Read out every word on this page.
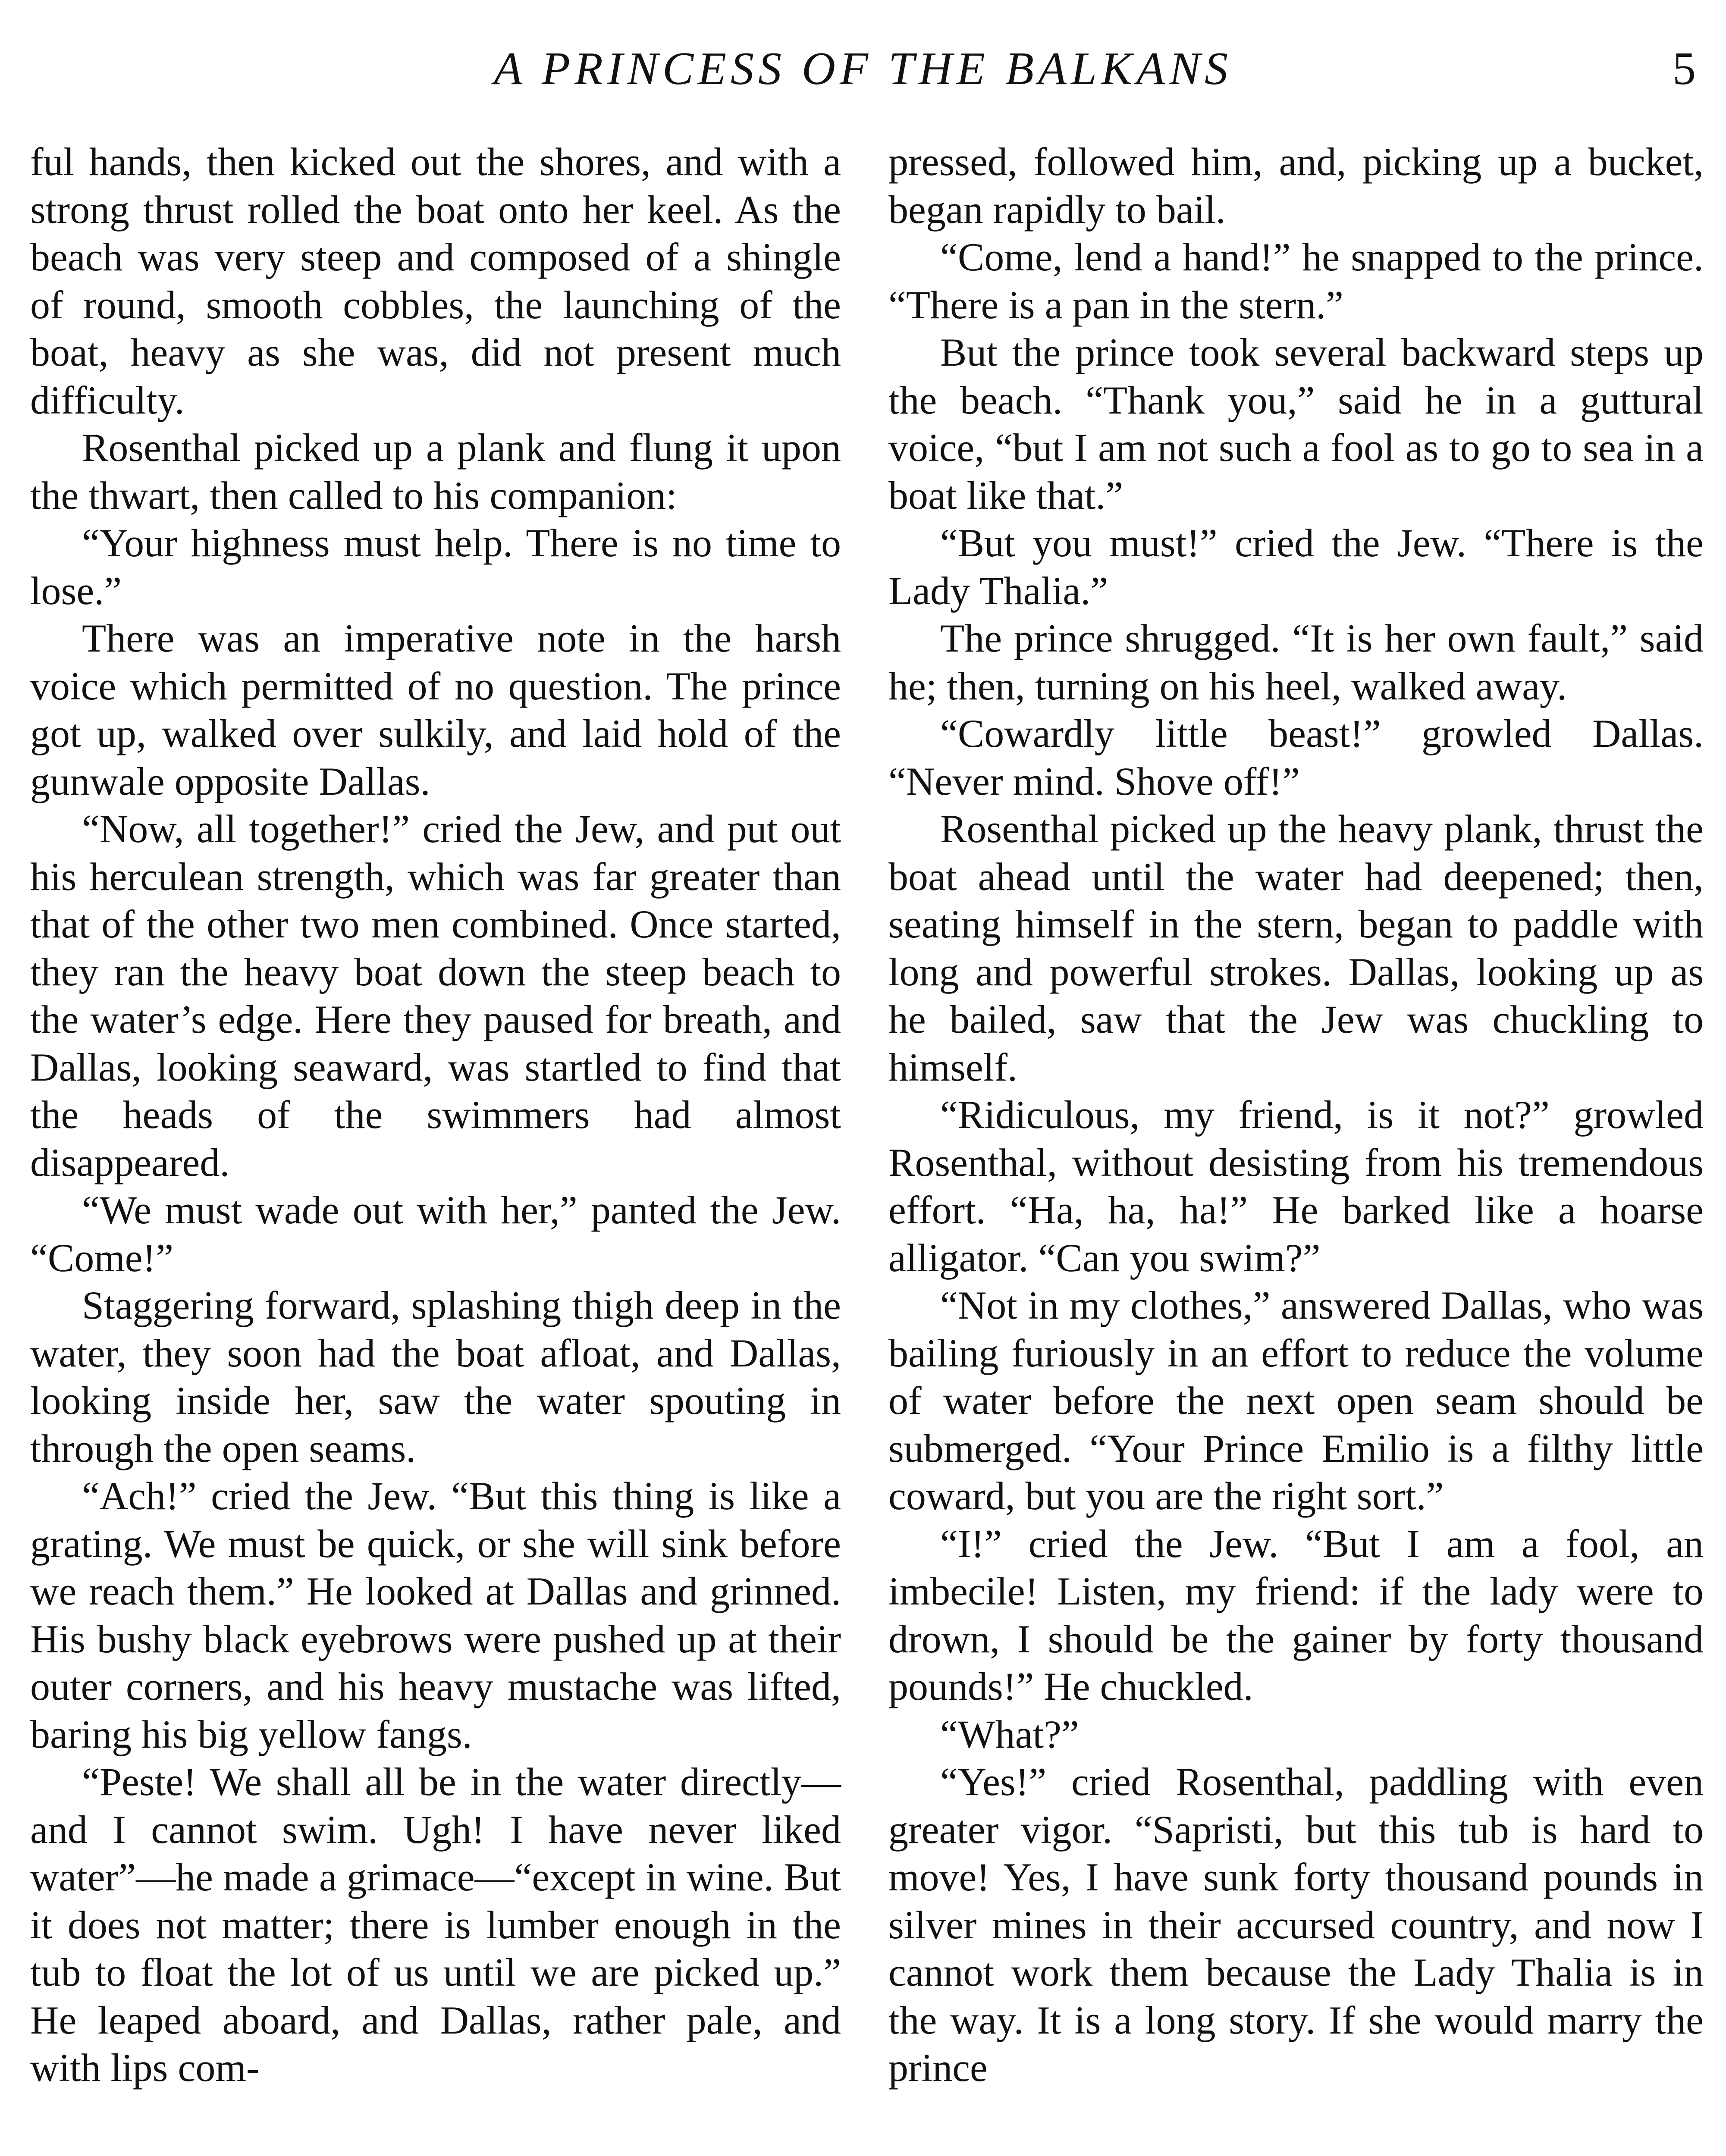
A PRINCESS OF THE BALKANS	5

ful hands, then kicked out the shores, and with a strong thrust rolled the boat onto her keel. As the beach was very steep and composed of a shingle of round, smooth cobbles, the launching of the boat, heavy as she was, did not present much difficulty.

Rosenthal picked up a plank and flung it upon the thwart, then called to his companion:

“Your highness must help. There is no time to lose.”

There was an imperative note in the harsh voice which permitted of no question. The prince got up, walked over sulkily, and laid hold of the gunwale opposite Dallas.

“Now, all together!” cried the Jew, and put out his herculean strength, which was far greater than that of the other two men combined. Once started, they ran the heavy boat down the steep beach to the water’s edge. Here they paused for breath, and Dallas, looking seaward, was startled to find that the heads of the swimmers had almost disappeared.

“We must wade out with her,” panted the Jew. “Come!”

Staggering forward, splashing thigh deep in the water, they soon had the boat afloat, and Dallas, looking inside her, saw the water spouting in through the open seams.

“Ach!” cried the Jew. “But this thing is like a grating. We must be quick, or she will sink before we reach them.” He looked at Dallas and grinned. His bushy black eyebrows were pushed up at their outer corners, and his heavy mustache was lifted, baring his big yellow fangs.

“Peste! We shall all be in the water directly—and I cannot swim. Ugh! I have never liked water”—he made a grimace—“except in wine. But it does not matter; there is lumber enough in the tub to float the lot of us until we are picked up.” He leaped aboard, and Dallas, rather pale, and with lips com-

pressed, followed him, and, picking up a bucket, began rapidly to bail.

“Come, lend a hand!” he snapped to the prince. “There is a pan in the stern.”

But the prince took several backward steps up the beach. “Thank you,” said he in a guttural voice, “but I am not such a fool as to go to sea in a boat like that.”

“But you must!” cried the Jew. “There is the Lady Thalia.”

The prince shrugged. “It is her own fault,” said he; then, turning on his heel, walked away.

“Cowardly little beast!” growled Dallas. “Never mind. Shove off!”

Rosenthal picked up the heavy plank, thrust the boat ahead until the water had deepened; then, seating himself in the stern, began to paddle with long and powerful strokes. Dallas, looking up as he bailed, saw that the Jew was chuckling to himself.

“Ridiculous, my friend, is it not?” growled Rosenthal, without desisting from his tremendous effort. “Ha, ha, ha!” He barked like a hoarse alligator. “Can you swim?”

“Not in my clothes,” answered Dallas, who was bailing furiously in an effort to reduce the volume of water before the next open seam should be submerged. “Your Prince Emilio is a filthy little coward, but you are the right sort.”

“I!” cried the Jew. “But I am a fool, an imbecile! Listen, my friend: if the lady were to drown, I should be the gainer by forty thousand pounds!” He chuckled.

“What?”

“Yes!” cried Rosenthal, paddling with even greater vigor. “Sapristi, but this tub is hard to move! Yes, I have sunk forty thousand pounds in silver mines in their accursed country, and now I cannot work them because the Lady Thalia is in the way. It is a long story. If she would marry the prince
